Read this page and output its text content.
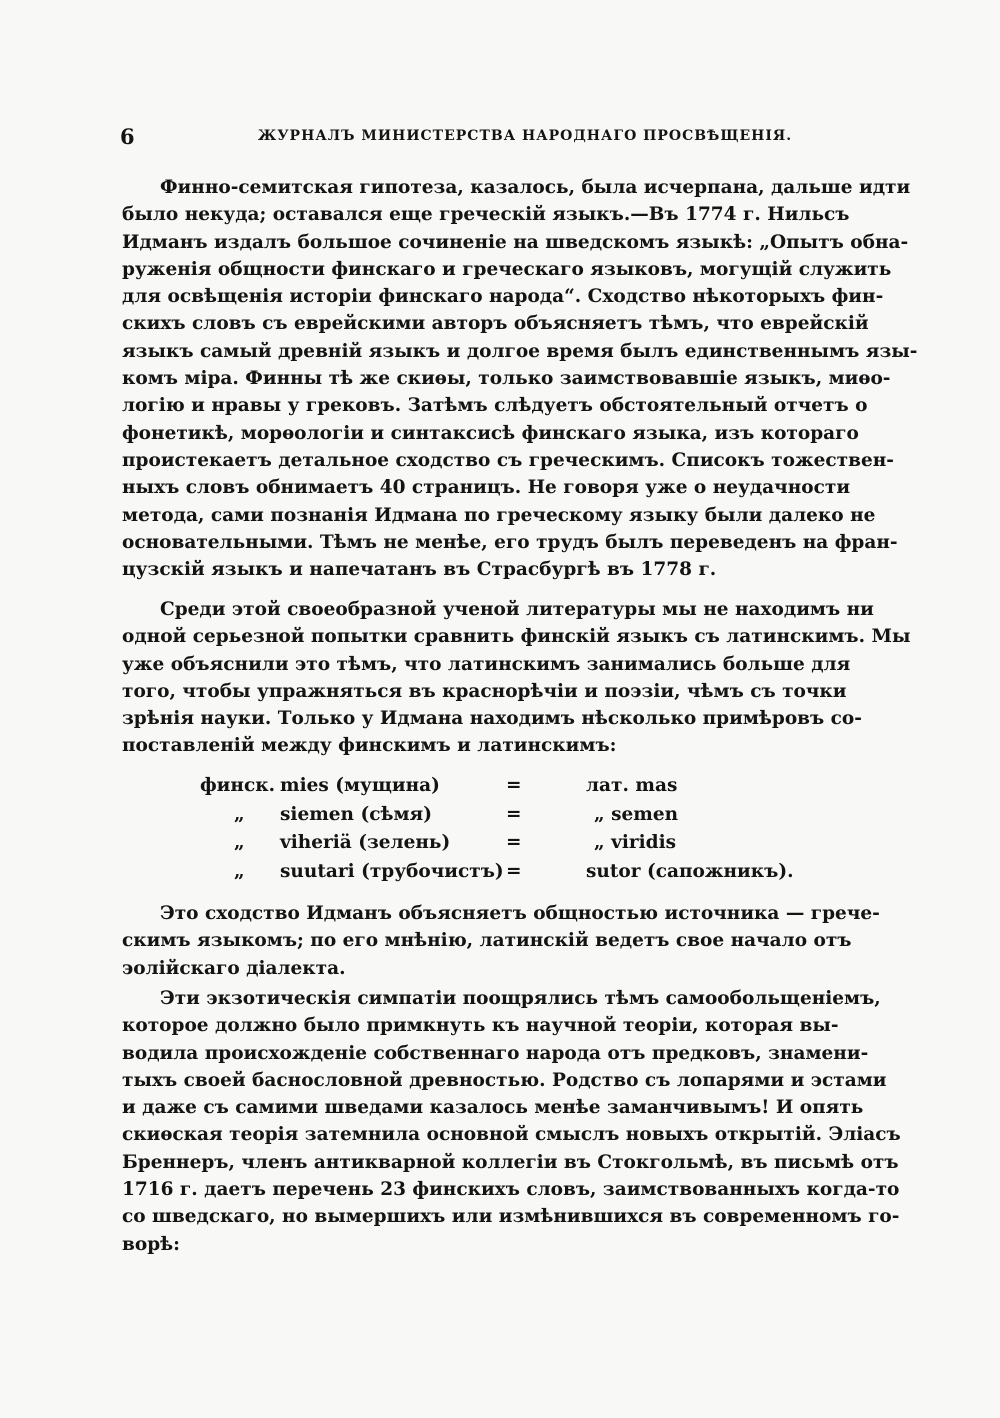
6	ЖУРНАЛЪ МИНИСТЕРСТВА НАРОДНАГО ПРОСВѢЩЕНІЯ.
Финно-семитская гипотеза, казалось, была исчерпана, дальше идти
было некуда; оставался еще греческій языкъ.—Въ 1774 г. Нильсъ
Идманъ издалъ большое сочиненіе на шведскомъ языкѣ: „Опытъ обна-
руженія общности финскаго и греческаго языковъ, могущій служить
для освѣщенія исторіи финскаго народа“. Сходство нѣкоторыхъ фин-
скихъ словъ съ еврейскими авторъ объясняетъ тѣмъ, что еврейскій
языкъ самый древній языкъ и долгое время былъ единственнымъ язы-
комъ міра. Финны тѣ же скиѳы, только заимствовавшіе языкъ, миѳо-
логію и нравы у грековъ. Затѣмъ слѣдуетъ обстоятельный отчетъ о
фонетикѣ, морѳологіи и синтаксисѣ финскаго языка, изъ котораго
проистекаетъ детальное сходство съ греческимъ. Списокъ тожествен-
ныхъ словъ обнимаетъ 40 страницъ. Не говоря уже о неудачности
метода, сами познанія Идмана по греческому языку были далеко не
основательными. Тѣмъ не менѣе, его трудъ былъ переведенъ на фран-
цузскій языкъ и напечатанъ въ Страсбургѣ въ 1778 г.
Среди этой своеобразной ученой литературы мы не находимъ ни
одной серьезной попытки сравнить финскій языкъ съ латинскимъ. Мы
уже объяснили это тѣмъ, что латинскимъ занимались больше для
того, чтобы упражняться въ краснорѣчіи и поэзіи, чѣмъ съ точки
зрѣнія науки. Только у Идмана находимъ нѣсколько примѣровъ со-
поставленій между финскимъ и латинскимъ:
финск. mies (мущина)	=	лат. mas
„ siemen (сѣмя)	=	„ semen
„ viheriä (зелень)	=	„ viridis
„ suutari (трубочистъ) =	sutor (сапожникъ).
Это сходство Идманъ объясняетъ общностью источника — грече-
скимъ языкомъ; по его мнѣнію, латинскій ведетъ свое начало отъ
эолійскаго діалекта.
Эти экзотическія симпатіи поощрялись тѣмъ самообольщеніемъ,
которое должно было примкнуть къ научной теоріи, которая вы-
водила происхожденіе собственнаго народа отъ предковъ, знамени-
тыхъ своей баснословной древностью. Родство съ лопарями и эстами
и даже съ самими шведами казалось менѣе заманчивымъ! И опять
скиѳская теорія затемнила основной смыслъ новыхъ открытій. Эліасъ
Бреннеръ, членъ антикварной коллегіи въ Стокгольмѣ, въ письмѣ отъ
1716 г. даетъ перечень 23 финскихъ словъ, заимствованныхъ когда-то
со шведскаго, но вымершихъ или измѣнившихся въ современномъ го-
ворѣ:
